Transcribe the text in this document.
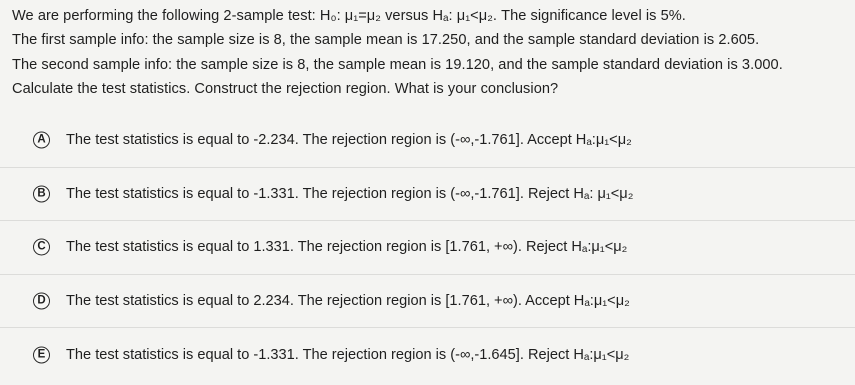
We are performing the following 2-sample test: H₀: μ₁=μ₂ versus Hₐ: μ₁<μ₂. The significance level is 5%.
The first sample info: the sample size is 8, the sample mean is 17.250, and the sample standard deviation is 2.605.
The second sample info: the sample size is 8, the sample mean is 19.120, and the sample standard deviation is 3.000.
Calculate the test statistics. Construct the rejection region. What is your conclusion?
A The test statistics is equal to -2.234. The rejection region is (-∞,-1.761]. Accept Hₐ:μ₁<μ₂
B The test statistics is equal to -1.331. The rejection region is (-∞,-1.761]. Reject Hₐ: μ₁<μ₂
C The test statistics is equal to 1.331. The rejection region is [1.761, +∞). Reject Hₐ:μ₁<μ₂
D The test statistics is equal to 2.234. The rejection region is [1.761, +∞). Accept Hₐ:μ₁<μ₂
E	The test statistics is equal to -1.331. The rejection region is (-∞,-1.645]. Reject Hₐ:μ₁<μ₂
